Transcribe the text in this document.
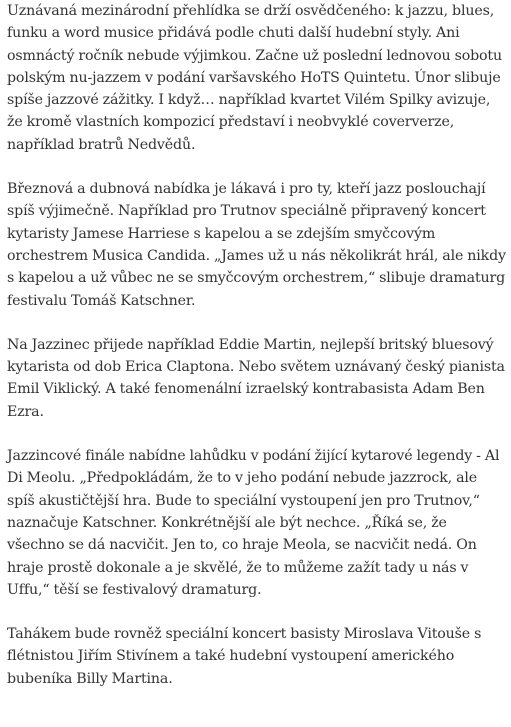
Uznávaná mezinárodní přehlídka se drží osvědčeného: k jazzu, blues, funku a word musice přidává podle chuti další hudební styly. Ani osmnáctý ročník nebude výjimkou. Začne už poslední lednovou sobotu polským nu-jazzem v podání varšavského HoTS Quintetu. Únor slibuje spíše jazzové zážitky. I když… například kvartet Vilém Spilky avizuje, že kromě vlastních kompozicí představí i neobvyklé coververze, například bratrů Nedvědů.

Březnová a dubnová nabídka je lákavá i pro ty, kteří jazz poslouchají spíš výjimečně. Například pro Trutnov speciálně připravený koncert kytaristy Jamese Harriese s kapelou a se zdejším smyčcovým orchestrem Musica Candida. „James už u nás několikrát hrál, ale nikdy s kapelou a už vůbec ne se smyčcovým orchestrem,“ slibuje dramaturg festivalu Tomáš Katschner.

Na Jazzinec přijede například Eddie Martin, nejlepší britský bluesový kytarista od dob Erica Claptona. Nebo světem uznávaný český pianista Emil Viklický. A také fenomenální izraelský kontrabasista Adam Ben Ezra.

Jazzincové finále nabídne lahůdku v podání žijící kytarové legendy - Al Di Meolu. „Předpokládám, že to v jeho podání nebude jazzrock, ale spíš akustičtější hra. Bude to speciální vystoupení jen pro Trutnov,“ naznačuje Katschner. Konkrétnější ale být nechce. „Říká se, že všechno se dá nacvičit. Jen to, co hraje Meola, se nacvičit nedá. On hraje prostě dokonale a je skvělé, že to můžeme zažít tady u nás v Uffu,“ těší se festivalový dramaturg.

Tahákem bude rovněž speciální koncert basisty Miroslava Vitouše s flétnistou Jiřím Stivínem a také hudební vystoupení amerického bubeníka Billy Martina.
